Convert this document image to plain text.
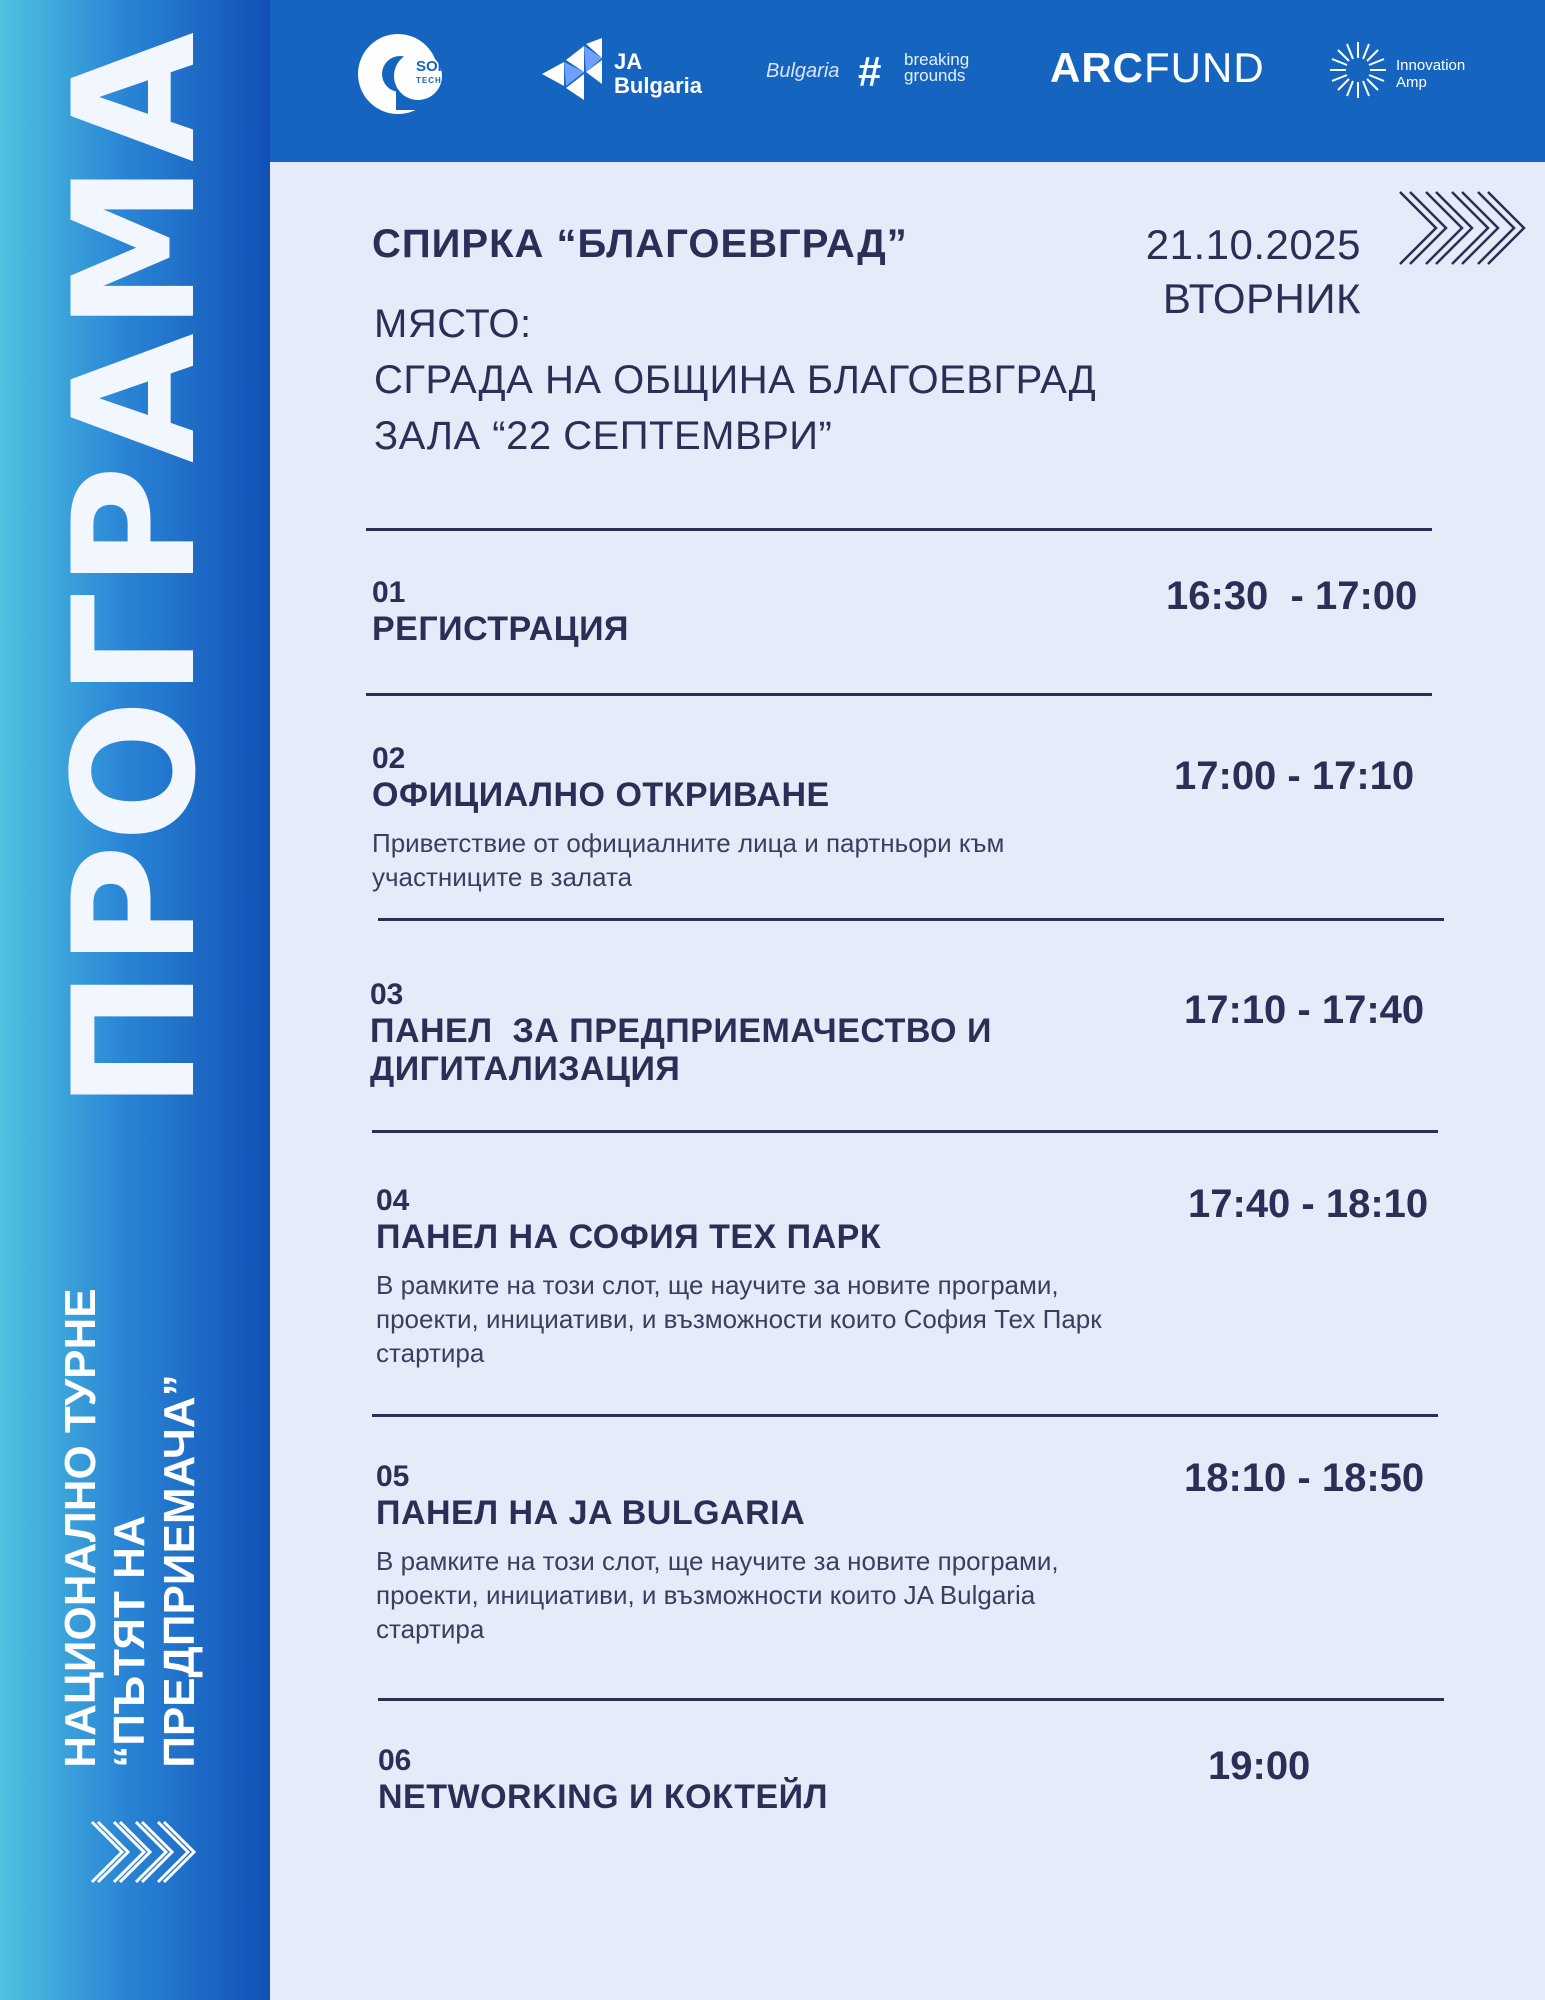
ПРОГРАМА
НАЦИОНАЛНО ТУРНЕ “ПЪТЯТ НА ПРЕДПРИЕМАЧА”
SOFIA
TECHPARK
JA
Bulgaria
Bulgaria # breaking
grounds ARCFUND	Innovation
Amp
СПИРКА “БЛАГОЕВГРАД”
МЯСТО:
СГРАДА НА ОБЩИНА БЛАГОЕВГРАД
ЗАЛА “22 СЕПТЕМВРИ”
21.10.2025
ВТОРНИК
01
РЕГИСТРАЦИЯ
16:30  - 17:00
02
ОФИЦИАЛНО ОТКРИВАНЕ
Приветствие от официалните лица и партньори към участниците в залата
17:00 - 17:10
03
ПАНЕЛ  ЗА ПРЕДПРИЕМАЧЕСТВО И ДИГИТАЛИЗАЦИЯ
17:10 - 17:40
04
ПАНЕЛ НА СОФИЯ ТЕХ ПАРК
В рамките на този слот, ще научите за новите програми, проекти, инициативи, и възможности които София Тех Парк стартира
17:40 - 18:10
05
ПАНЕЛ НА JA BULGARIA
В рамките на този слот, ще научите за новите програми, проекти, инициативи, и възможности които JA Bulgaria стартира
18:10 - 18:50
06
NETWORKING И КОКТЕЙЛ
19:00
